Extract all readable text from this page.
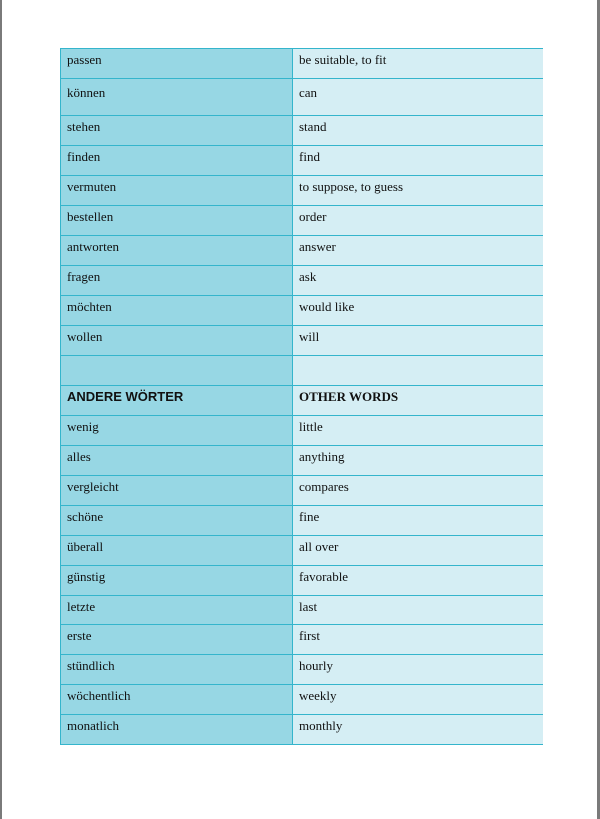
passen	be suitable, to fit
können	can
stehen	stand
finden	find
vermuten	to suppose, to guess
bestellen	order
antworten	answer
fragen	ask
möchten	would like
wollen	will

ANDERE WÖRTER	OTHER WORDS
wenig	little
alles	anything
vergleicht	compares
schöne	fine
überall	all over
günstig	favorable
letzte	last
erste	first
stündlich	hourly
wöchentlich	weekly
monatlich	monthly
